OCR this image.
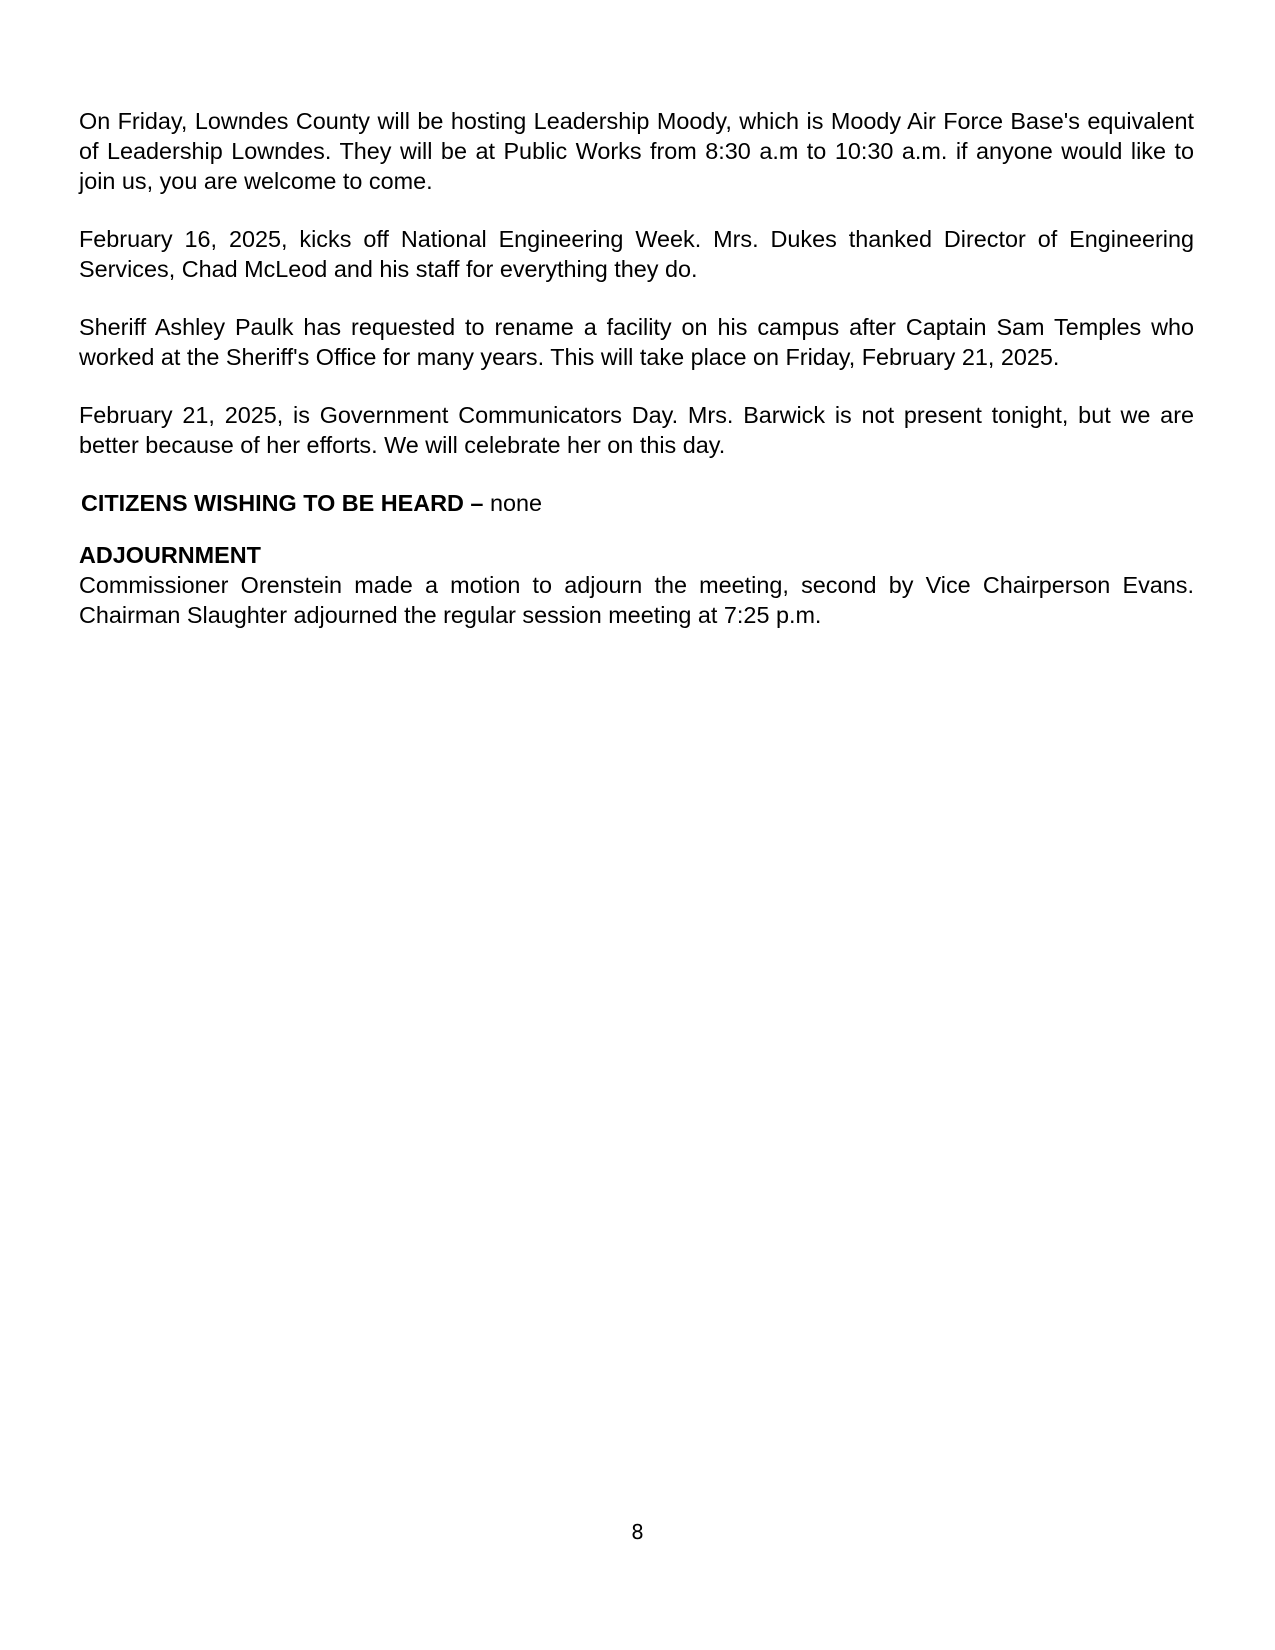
On Friday, Lowndes County will be hosting Leadership Moody, which is Moody Air Force Base's equivalent of Leadership Lowndes. They will be at Public Works from 8:30 a.m to 10:30 a.m. if anyone would like to join us, you are welcome to come.

February 16, 2025, kicks off National Engineering Week. Mrs. Dukes thanked Director of Engineering Services, Chad McLeod and his staff for everything they do.

Sheriff Ashley Paulk has requested to rename a facility on his campus after Captain Sam Temples who worked at the Sheriff's Office for many years. This will take place on Friday, February 21, 2025.

February 21, 2025, is Government Communicators Day. Mrs. Barwick is not present tonight, but we are better because of her efforts. We will celebrate her on this day.

CITIZENS WISHING TO BE HEARD – none

ADJOURNMENT

Commissioner Orenstein made a motion to adjourn the meeting, second by Vice Chairperson Evans. Chairman Slaughter adjourned the regular session meeting at 7:25 p.m.

8
